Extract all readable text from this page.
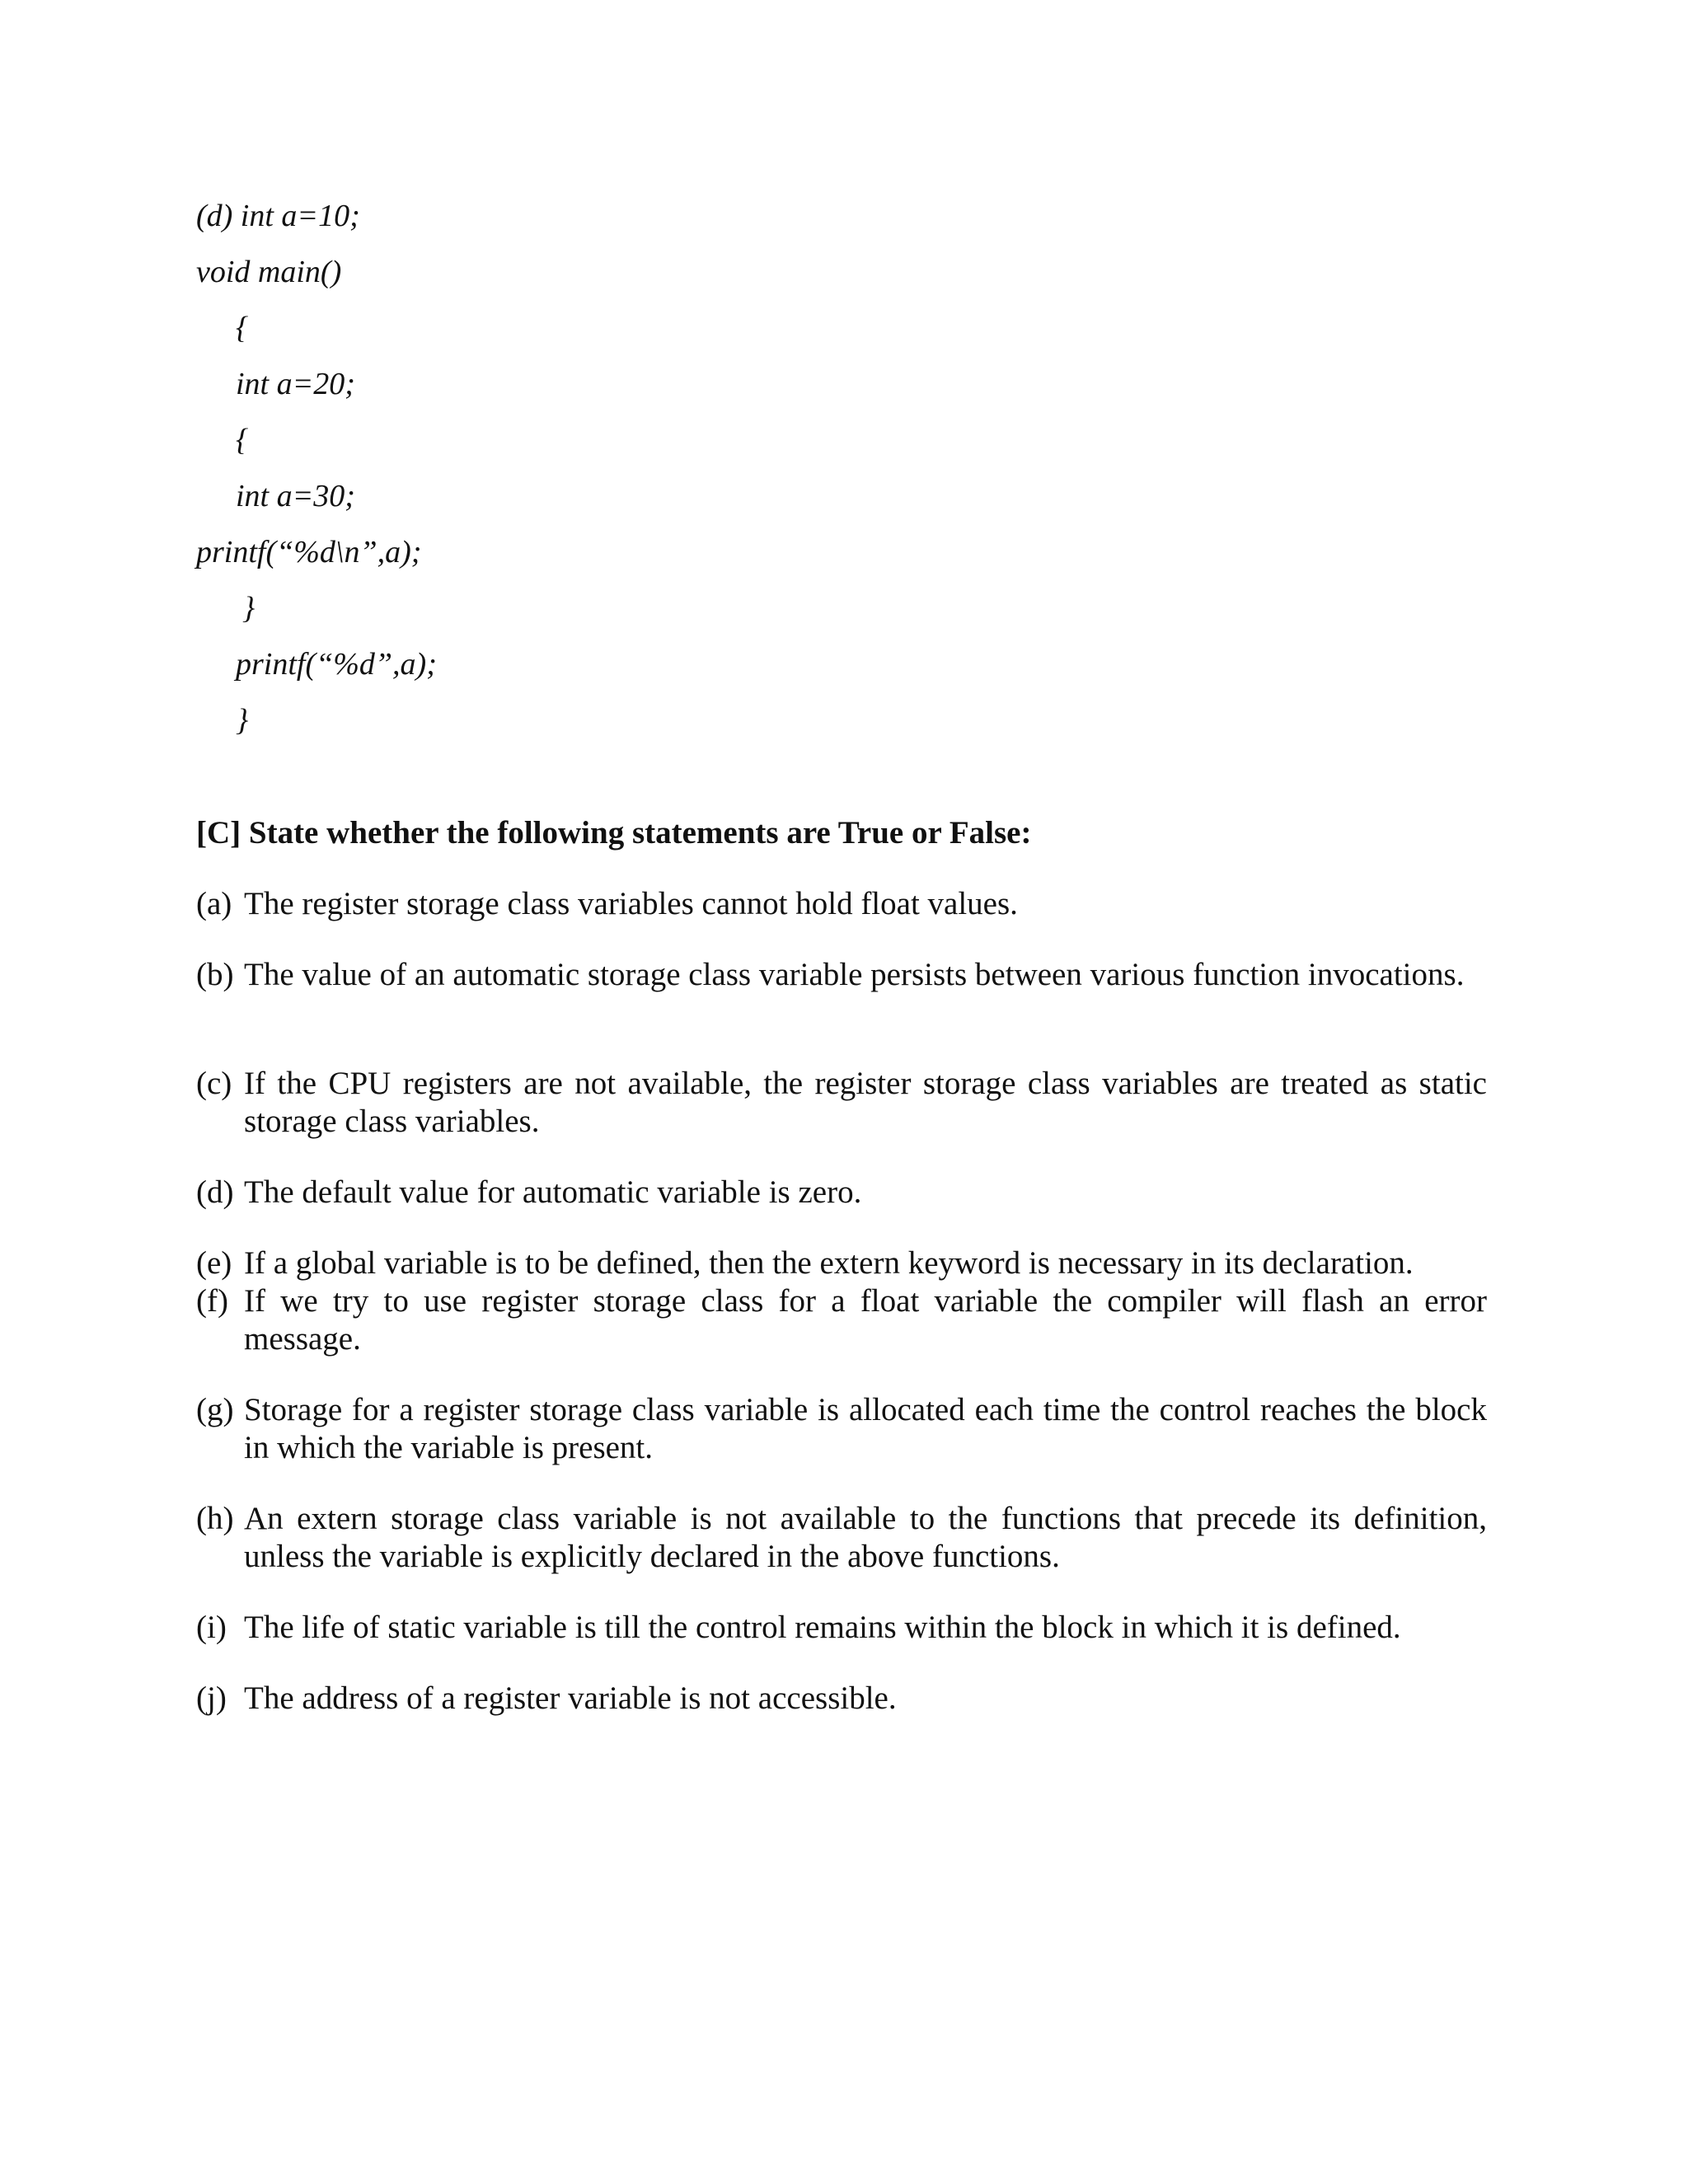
(d) int a=10;
void main()
{
int a=20;
{
int a=30;
printf(“%d\n”,a);
}
printf(“%d”,a);
}
[C] State whether the following statements are True or False:
(a) The register storage class variables cannot hold float values.
(b) The value of an automatic storage class variable persists between various function invocations.
(c) If the CPU registers are not available, the register storage class variables are treated as static storage class variables.
(d) The default value for automatic variable is zero.
(e) If a global variable is to be defined, then the extern keyword is necessary in its declaration.
(f) If we try to use register storage class for a float variable the compiler will flash an error message.
(g) Storage for a register storage class variable is allocated each time the control reaches the block in which the variable is present.
(h) An extern storage class variable is not available to the functions that precede its definition, unless the variable is explicitly declared in the above functions.
(i) The life of static variable is till the control remains within the block in which it is defined.
(j) The address of a register variable is not accessible.
